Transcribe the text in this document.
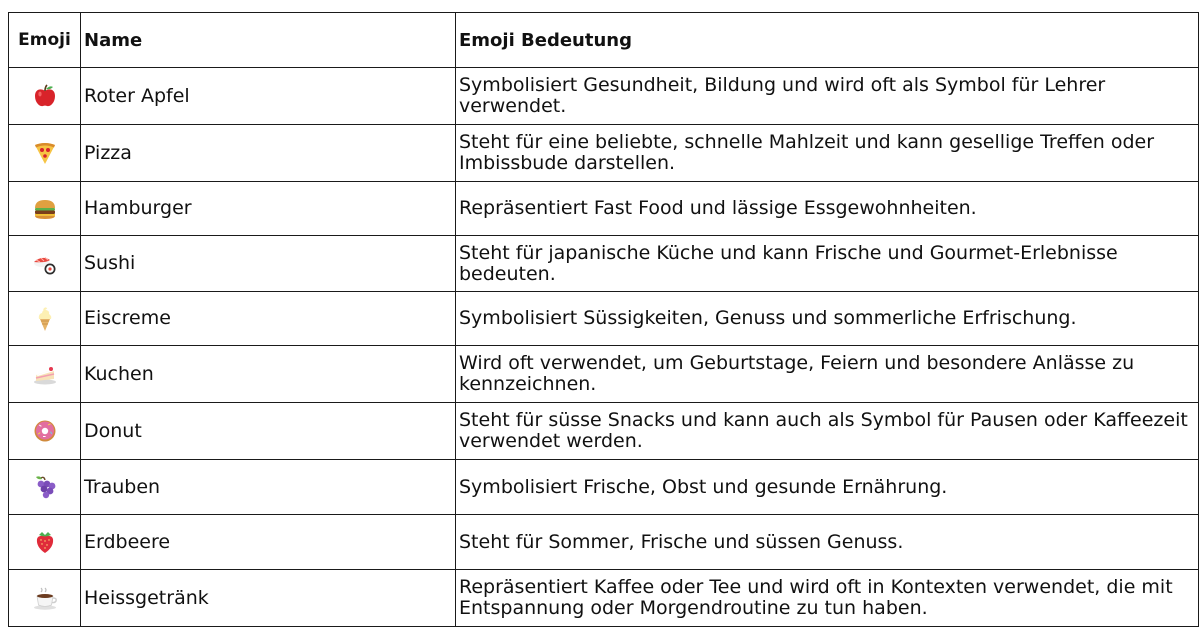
Emoji	Name	Emoji Bedeutung

	Roter Apfel	Symbolisiert Gesundheit, Bildung und wird oft als Symbol für Lehrer verwendet.

	Pizza	Steht für eine beliebte, schnelle Mahlzeit und kann gesellige Treffen oder Imbissbude darstellen.

	Hamburger	Repräsentiert Fast Food und lässige Essgewohnheiten.

	Sushi	Steht für japanische Küche und kann Frische und Gourmet-Erlebnisse bedeuten.

	Eiscreme	Symbolisiert Süssigkeiten, Genuss und sommerliche Erfrischung.

	Kuchen	Wird oft verwendet, um Geburtstage, Feiern und besondere Anlässe zu kennzeichnen.

	Donut	Steht für süsse Snacks und kann auch als Symbol für Pausen oder Kaffeezeit verwendet werden.

	Trauben	Symbolisiert Frische, Obst und gesunde Ernährung.

	Erdbeere	Steht für Sommer, Frische und süssen Genuss.

	Heissgetränk	Repräsentiert Kaffee oder Tee und wird oft in Kontexten verwendet, die mit Entspannung oder Morgendroutine zu tun haben.
